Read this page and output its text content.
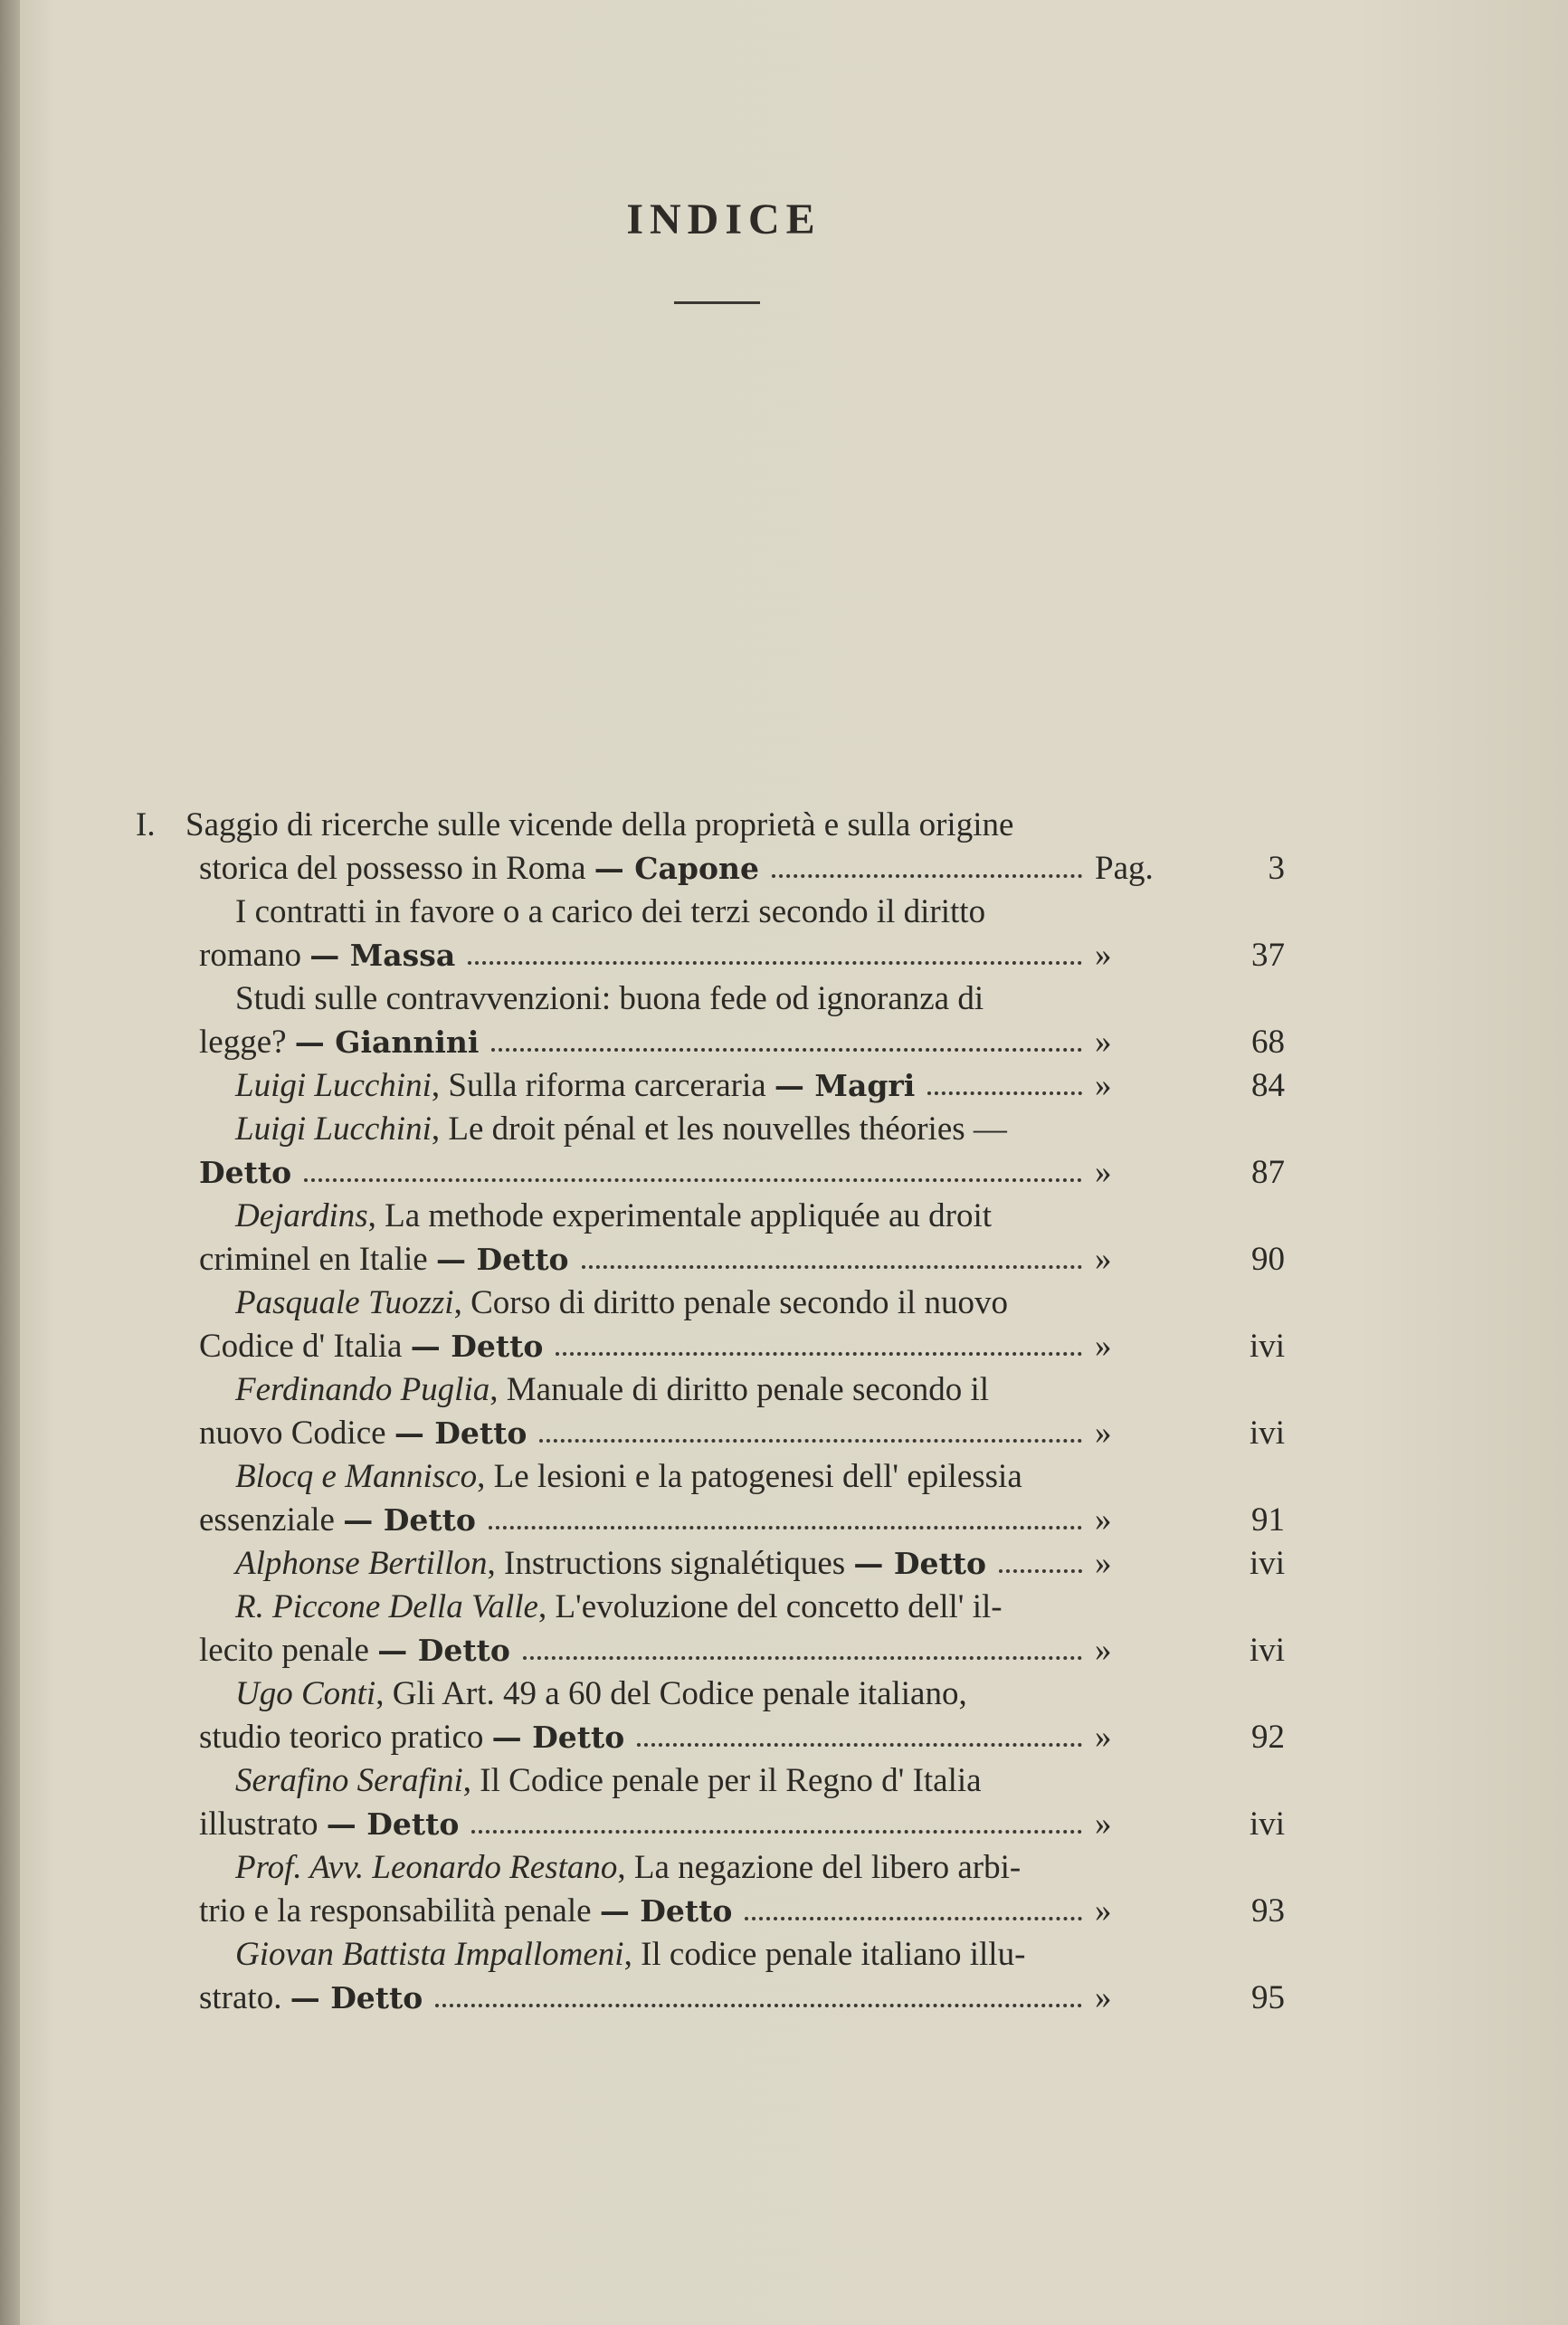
INDICE
I. Saggio di ricerche sulle vicende della proprietà e sulla origine
storica del possesso in Roma
— Capone	Pag.	3
I contratti in favore o a carico dei terzi secondo il diritto
romano
— Massa	»	37
Studi sulle contravvenzioni: buona fede od ignoranza di
legge?
— Giannini	»	68
Luigi Lucchini , Sulla riforma carceraria
— Magri	»	84
Luigi Lucchini , Le droit pénal et les nouvelles théories —
Detto	»	87
Dejardins , La methode experimentale appliquée au droit
criminel en Italie
— Detto	»	90
Pasquale Tuozzi , Corso di diritto penale secondo il nuovo
Codice d' Italia
— Detto	»	ivi
Ferdinando Puglia , Manuale di diritto penale secondo il
nuovo Codice
— Detto	»	ivi
Blocq e Mannisco , Le lesioni e la patogenesi dell' epilessia
essenziale
— Detto	»	91
Alphonse Bertillon , Instructions signalétiques
— Detto	»	ivi
R. Piccone Della Valle , L'evoluzione del concetto dell' il-
lecito penale
— Detto	»	ivi
Ugo Conti , Gli Art. 49 a 60 del Codice penale italiano,
studio teorico pratico
— Detto	»	92
Serafino Serafini , Il Codice penale per il Regno d' Italia
illustrato
— Detto	»	ivi
Prof. Avv. Leonardo Restano , La negazione del libero arbi-
trio e la responsabilità penale
— Detto	»	93
Giovan Battista Impallomeni , Il codice penale italiano illu-
strato.
— Detto	»	95
